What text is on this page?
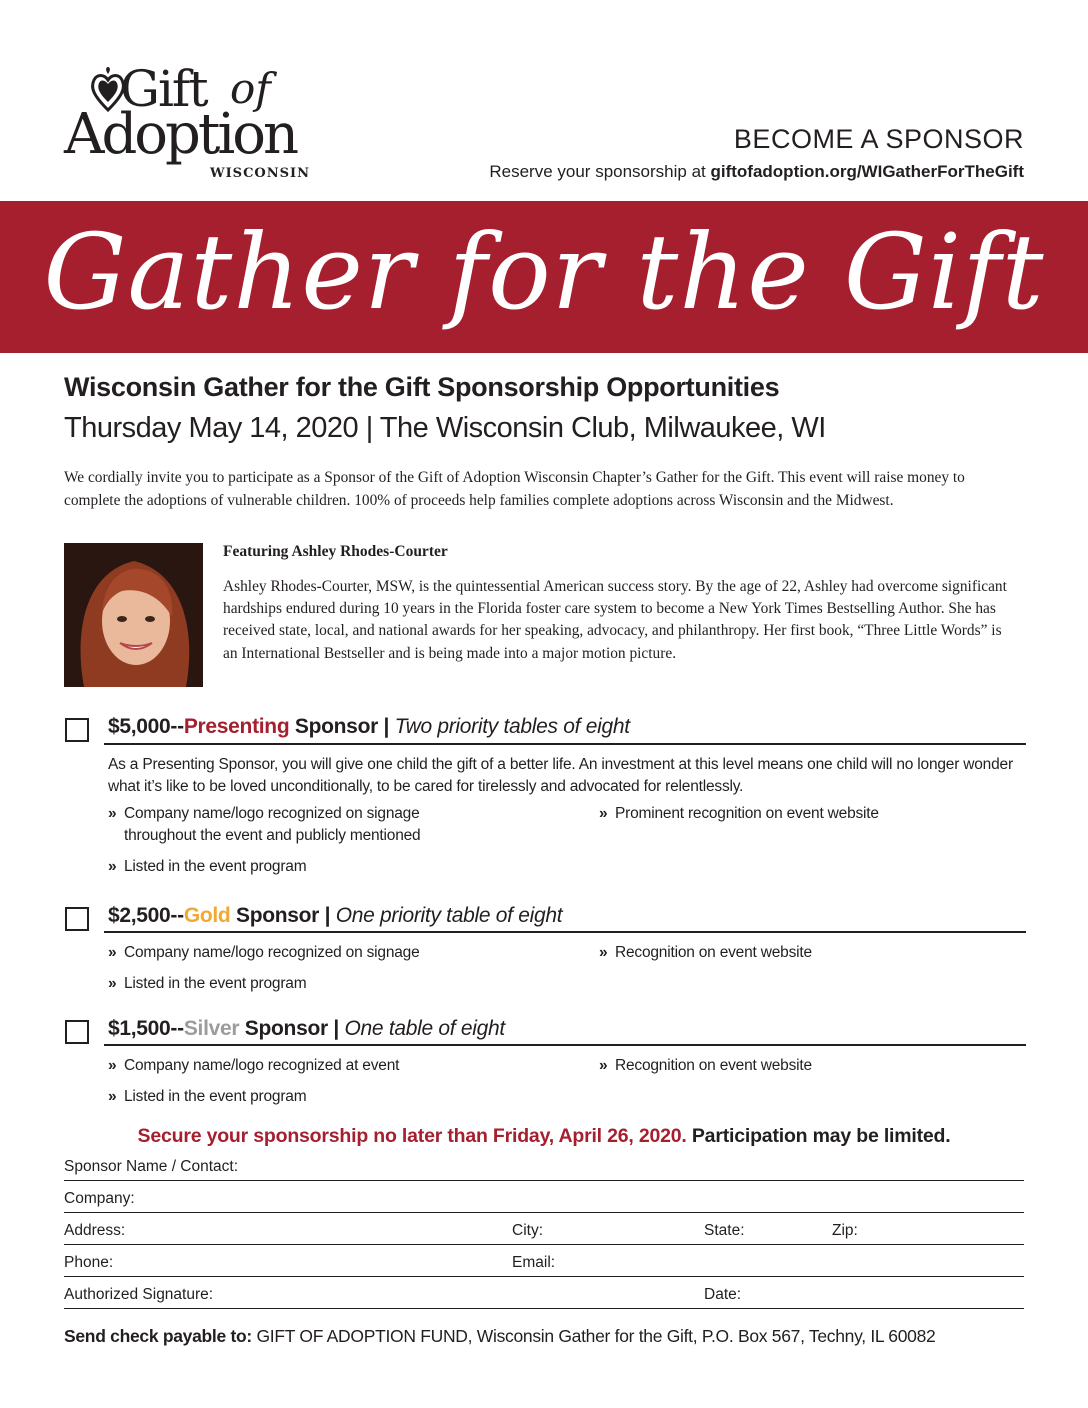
Gift of
Adoption
WISCONSIN
BECOME A SPONSOR
Reserve your sponsorship at giftofadoption.org/WIGatherForTheGift
Gather for the Gift
Wisconsin Gather for the Gift Sponsorship Opportunities
Thursday May 14, 2020 | The Wisconsin Club, Milwaukee, WI
We cordially invite you to participate as a Sponsor of the Gift of Adoption Wisconsin Chapter’s Gather for the Gift. This event will raise money to complete the adoptions of vulnerable children. 100% of proceeds help families complete adoptions across Wisconsin and the Midwest.
Featuring Ashley Rhodes-Courter
Ashley Rhodes-Courter, MSW, is the quintessential American success story. By the age of 22, Ashley had overcome significant hardships endured during 10 years in the Florida foster care system to become a New York Times Bestselling Author. She has received state, local, and national awards for her speaking, advocacy, and philanthropy. Her first book, “Three Little Words” is an International Bestseller and is being made into a major motion picture.
$5,000--Presenting Sponsor | Two priority tables of eight
As a Presenting Sponsor, you will give one child the gift of a better life. An investment at this level means one child will no longer wonder what it’s like to be loved unconditionally, to be cared for tirelessly and advocated for relentlessly.
» Company name/logo recognized on signage throughout the event and publicly mentioned
» Prominent recognition on event website
» Listed in the event program
$2,500--Gold Sponsor | One priority table of eight
» Company name/logo recognized on signage	» Recognition on event website
» Listed in the event program
$1,500--Silver Sponsor | One table of eight
» Company name/logo recognized at event	» Recognition on event website
» Listed in the event program
Secure your sponsorship no later than Friday, April 26, 2020. Participation may be limited.
Sponsor Name / Contact:
Company:
Address:	City:	State:	Zip:
Phone:	Email:
Authorized Signature:	Date:
Send check payable to: GIFT OF ADOPTION FUND, Wisconsin Gather for the Gift, P.O. Box 567, Techny, IL 60082
